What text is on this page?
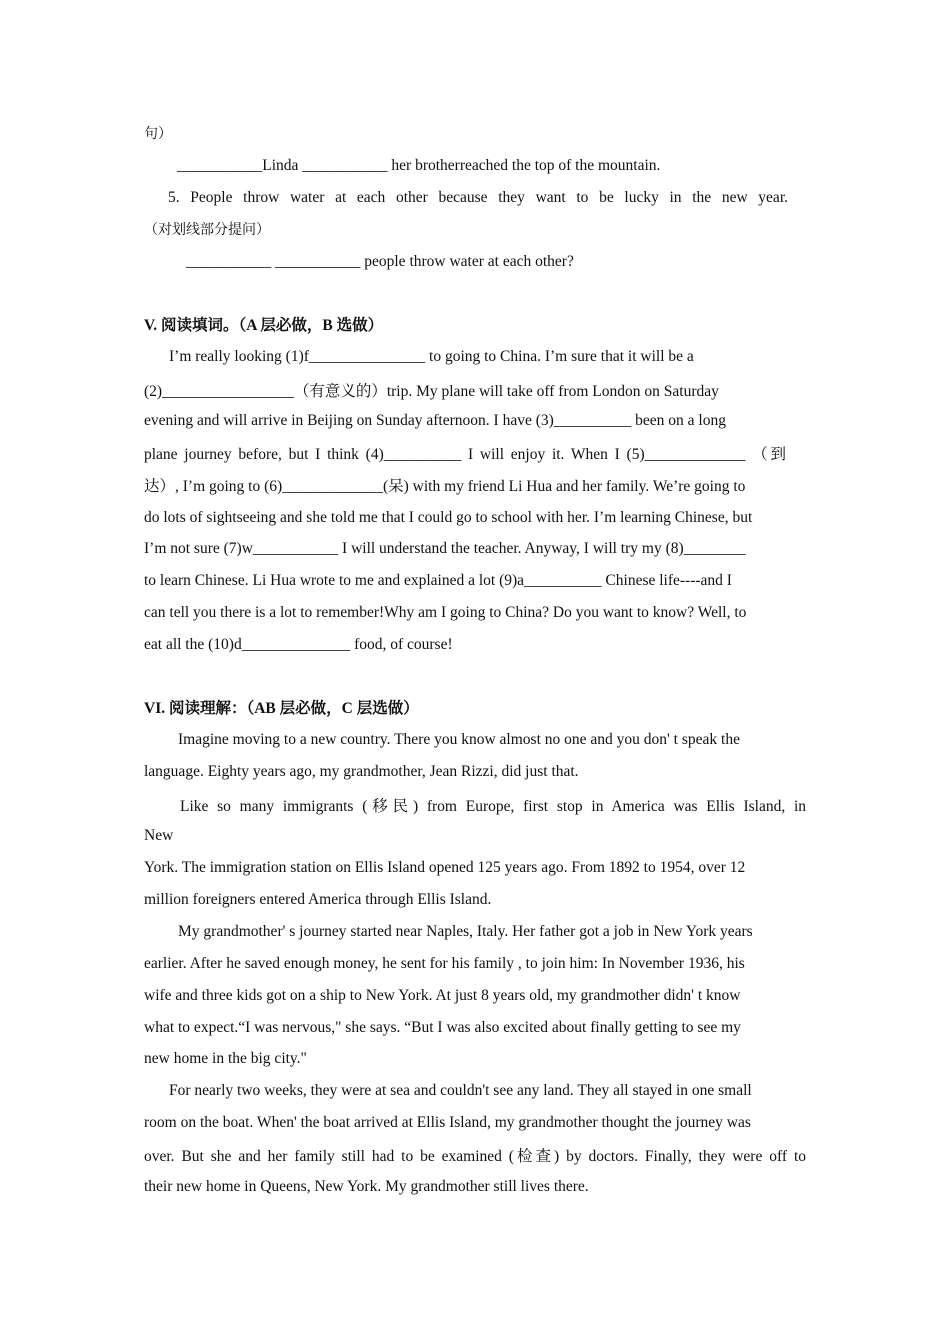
句）
___________Linda ___________ her brotherreached the top of the mountain.
5. People throw water at each other because they want to be lucky in the new year.
（对划线部分提问）
___________ ___________ people throw water at each other?
V. 阅读填词。（A 层必做，B 选做）
I’m really looking (1)f_______________ to going to China. I’m sure that it will be a
(2)_________________（有意义的）trip. My plane will take off from London on Saturday
evening and will arrive in Beijing on Sunday afternoon. I have (3)__________ been on a long
plane journey before, but I think (4)__________ I will enjoy it. When I (5)_____________ （到
达）, I’m going to (6)_____________(呆) with my friend Li Hua and her family. We’re going to
do lots of sightseeing and she told me that I could go to school with her. I’m learning Chinese, but
I’m not sure (7)w___________ I will understand the teacher. Anyway, I will try my (8)________
to learn Chinese. Li Hua wrote to me and explained a lot (9)a__________ Chinese life----and I
can tell you there is a lot to remember!Why am I going to China? Do you want to know? Well, to
eat all the (10)d______________ food, of course!
VI. 阅读理解：（AB 层必做，C 层选做）
Imagine moving to a new country. There you know almost no one and you don' t speak the
language. Eighty years ago, my grandmother, Jean Rizzi, did just that.
Like so many immigrants (移民) from Europe, first stop in America was Ellis Island, in
New
York. The immigration station on Ellis Island opened 125 years ago. From 1892 to 1954, over 12
million foreigners entered America through Ellis Island.
My grandmother' s journey started near Naples, Italy. Her father got a job in New York years
earlier. After he saved enough money, he sent for his family , to join him: In November 1936, his
wife and three kids got on a ship to New York. At just 8 years old, my grandmother didn' t know
what to expect.“I was nervous," she says. “But I was also excited about finally getting to see my
new home in the big city."
For nearly two weeks, they were at sea and couldn't see any land. They all stayed in one small
room on the boat. When' the boat arrived at Ellis Island, my grandmother thought the journey was
over. But she and her family still had to be examined (检查) by doctors. Finally, they were off to
their new home in Queens, New York. My grandmother still lives there.
